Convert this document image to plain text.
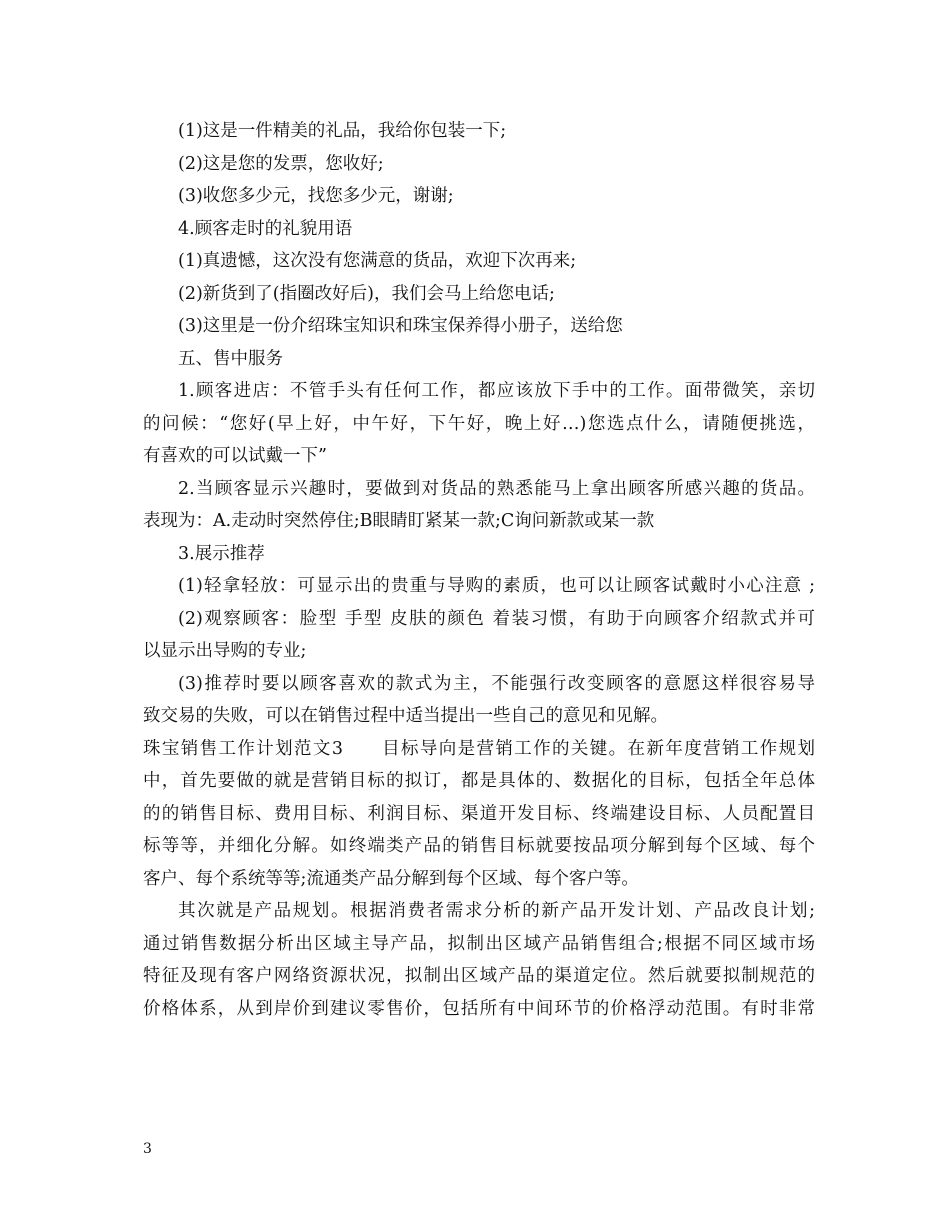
(1)这是一件精美的礼品，我给你包装一下;
(2)这是您的发票，您收好;
(3)收您多少元，找您多少元，谢谢;
4.顾客走时的礼貌用语
(1)真遗憾，这次没有您满意的货品，欢迎下次再来;
(2)新货到了(指圈改好后)，我们会马上给您电话;
(3)这里是一份介绍珠宝知识和珠宝保养得小册子，送给您
五、售中服务
1.顾客进店：不管手头有任何工作，都应该放下手中的工作。面带微笑，亲切
的问候：“您好(早上好，中午好，下午好，晚上好…)您选点什么，请随便挑选，
有喜欢的可以试戴一下”
2.当顾客显示兴趣时，要做到对货品的熟悉能马上拿出顾客所感兴趣的货品。
表现为：A.走动时突然停住;B眼睛盯紧某一款;C询问新款或某一款
3.展示推荐
(1)轻拿轻放：可显示出的贵重与导购的素质，也可以让顾客试戴时小心注意 ;
(2)观察顾客：脸型 手型 皮肤的颜色 着装习惯，有助于向顾客介绍款式并可
以显示出导购的专业;
(3)推荐时要以顾客喜欢的款式为主，不能强行改变顾客的意愿这样很容易导
致交易的失败，可以在销售过程中适当提出一些自己的意见和见解。
珠宝销售工作计划范文3　　目标导向是营销工作的关键。在新年度营销工作规划
中，首先要做的就是营销目标的拟订，都是具体的、数据化的目标，包括全年总体
的的销售目标、费用目标、利润目标、渠道开发目标、终端建设目标、人员配置目
标等等，并细化分解。如终端类产品的销售目标就要按品项分解到每个区域、每个
客户、每个系统等等;流通类产品分解到每个区域、每个客户等。
其次就是产品规划。根据消费者需求分析的新产品开发计划、产品改良计划;
通过销售数据分析出区域主导产品，拟制出区域产品销售组合;根据不同区域市场
特征及现有客户网络资源状况，拟制出区域产品的渠道定位。然后就要拟制规范的
价格体系，从到岸价到建议零售价，包括所有中间环节的价格浮动范围。有时非常
3
